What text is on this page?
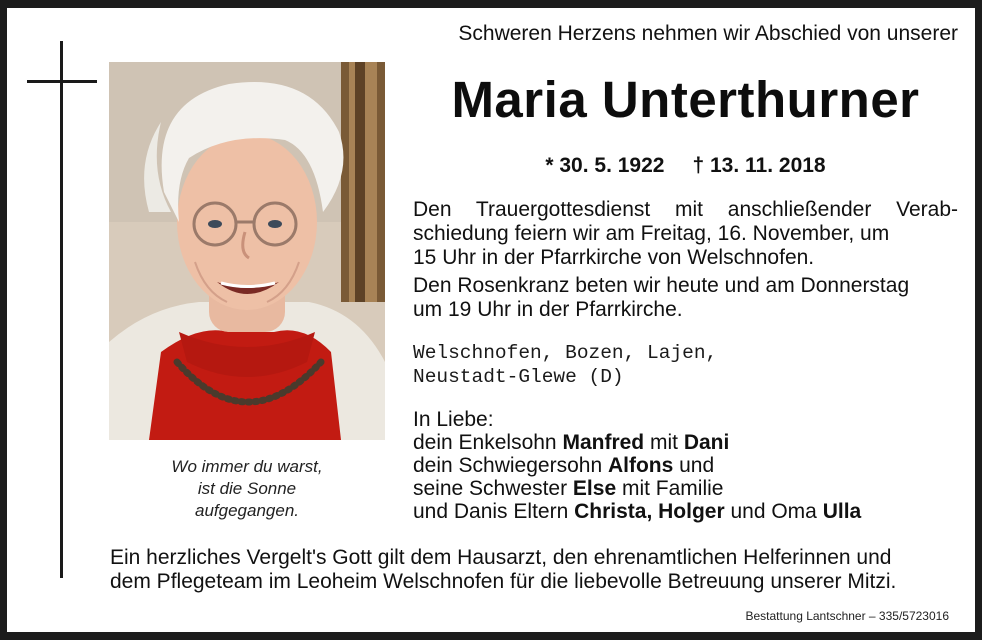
Wo immer du warst,
ist die Sonne
aufgegangen.
Schweren Herzens nehmen wir Abschied von unserer
Maria Unterthurner
* 30. 5. 1922 † 13. 11. 2018
Den Trauergottesdienst mit anschließender Verab-
schiedung feiern wir am Freitag, 16. November, um
15 Uhr in der Pfarrkirche von Welschnofen.
Den Rosenkranz beten wir heute und am Donnerstag
um 19 Uhr in der Pfarrkirche.
Welschnofen, Bozen, Lajen,
Neustadt-Glewe (D)
In Liebe:
dein Enkelsohn Manfred mit Dani
dein Schwiegersohn Alfons und
seine Schwester Else mit Familie
und Danis Eltern Christa, Holger und Oma Ulla
Ein herzliches Vergelt's Gott gilt dem Hausarzt, den ehrenamtlichen Helferinnen und
dem Pflegeteam im Leoheim Welschnofen für die liebevolle Betreuung unserer Mitzi.
Bestattung Lantschner – 335/5723016
